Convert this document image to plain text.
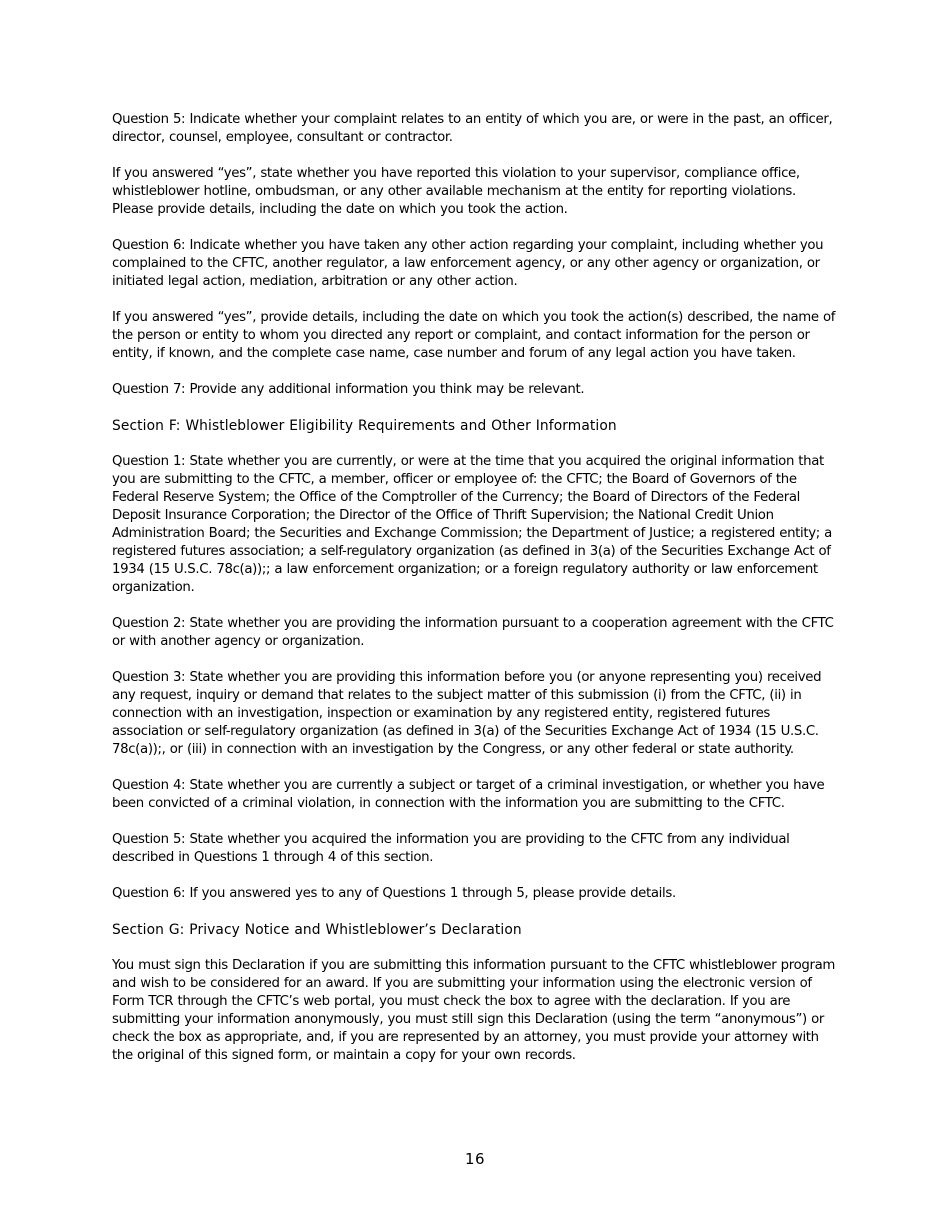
Question 5: Indicate whether your complaint relates to an entity of which you are, or were in the past, an officer, director, counsel, employee, consultant or contractor.

If you answered “yes”, state whether you have reported this violation to your supervisor, compliance office, whistleblower hotline, ombudsman, or any other available mechanism at the entity for reporting violations. Please provide details, including the date on which you took the action.

Question 6: Indicate whether you have taken any other action regarding your complaint, including whether you complained to the CFTC, another regulator, a law enforcement agency, or any other agency or organization, or initiated legal action, mediation, arbitration or any other action.

If you answered “yes”, provide details, including the date on which you took the action(s) described, the name of the person or entity to whom you directed any report or complaint, and contact information for the person or entity, if known, and the complete case name, case number and forum of any legal action you have taken.

Question 7: Provide any additional information you think may be relevant.

Section F: Whistleblower Eligibility Requirements and Other Information

Question 1: State whether you are currently, or were at the time that you acquired the original information that you are submitting to the CFTC, a member, officer or employee of: the CFTC; the Board of Governors of the Federal Reserve System; the Office of the Comptroller of the Currency; the Board of Directors of the Federal Deposit Insurance Corporation; the Director of the Office of Thrift Supervision; the National Credit Union Administration Board; the Securities and Exchange Commission; the Department of Justice; a registered entity; a registered futures association; a self-regulatory organization (as defined in 3(a) of the Securities Exchange Act of 1934 (15 U.S.C. 78c(a));; a law enforcement organization; or a foreign regulatory authority or law enforcement organization.

Question 2: State whether you are providing the information pursuant to a cooperation agreement with the CFTC or with another agency or organization.

Question 3: State whether you are providing this information before you (or anyone representing you) received any request, inquiry or demand that relates to the subject matter of this submission (i) from the CFTC, (ii) in connection with an investigation, inspection or examination by any registered entity, registered futures association or self-regulatory organization (as defined in 3(a) of the Securities Exchange Act of 1934 (15 U.S.C. 78c(a));, or (iii) in connection with an investigation by the Congress, or any other federal or state authority.

Question 4: State whether you are currently a subject or target of a criminal investigation, or whether you have been convicted of a criminal violation, in connection with the information you are submitting to the CFTC.

Question 5: State whether you acquired the information you are providing to the CFTC from any individual described in Questions 1 through 4 of this section.

Question 6: If you answered yes to any of Questions 1 through 5, please provide details.

Section G: Privacy Notice and Whistleblower’s Declaration

You must sign this Declaration if you are submitting this information pursuant to the CFTC whistleblower program and wish to be considered for an award. If you are submitting your information using the electronic version of Form TCR through the CFTC’s web portal, you must check the box to agree with the declaration. If you are submitting your information anonymously, you must still sign this Declaration (using the term “anonymous”) or check the box as appropriate, and, if you are represented by an attorney, you must provide your attorney with the original of this signed form, or maintain a copy for your own records.

16
